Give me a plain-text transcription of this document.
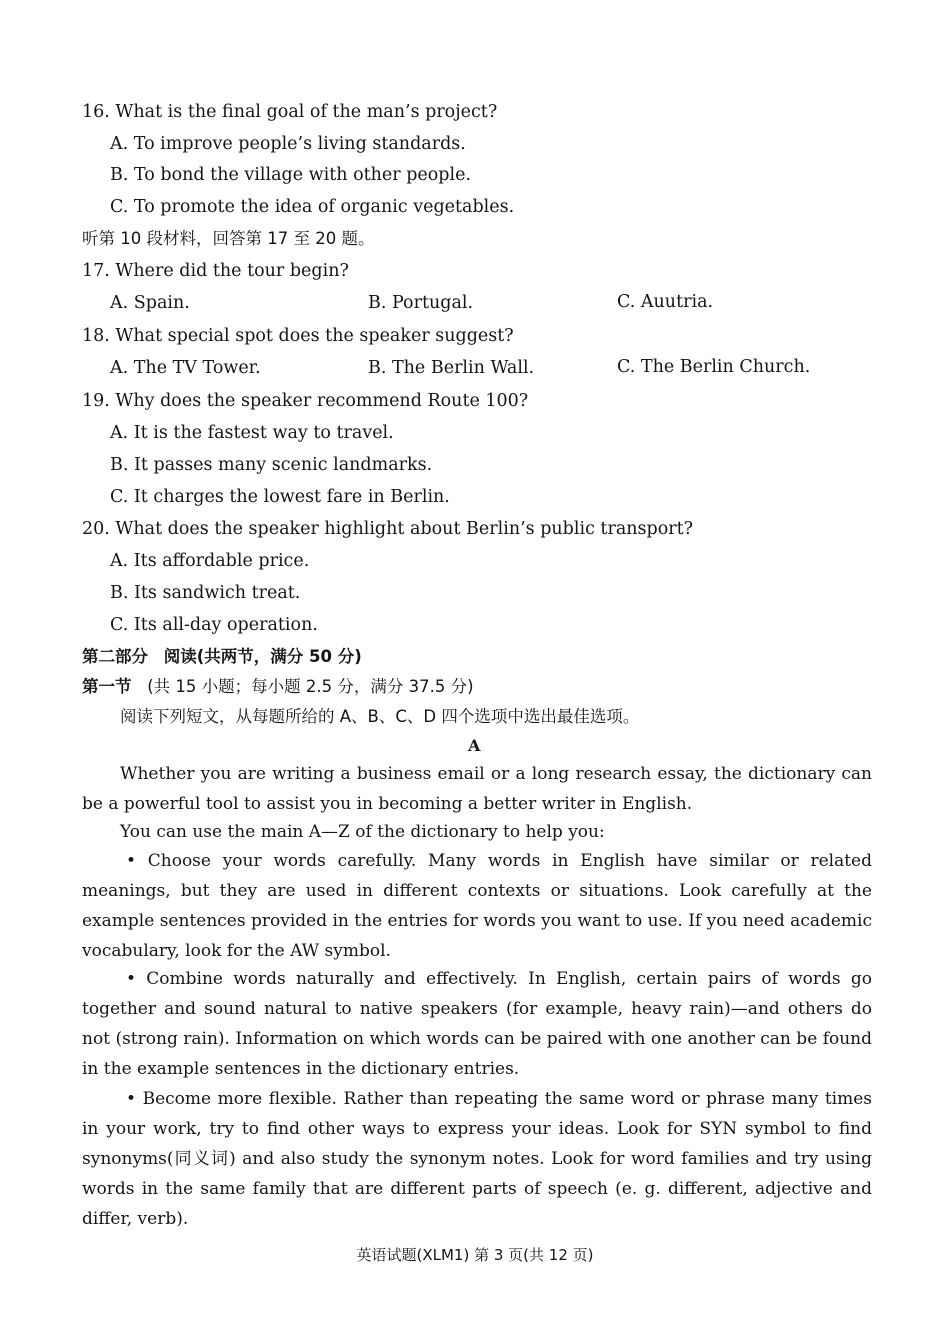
16. What is the final goal of the man’s project?
A. To improve people’s living standards.
B. To bond the village with other people.
C. To promote the idea of organic vegetables.
听第 10 段材料，回答第 17 至 20 题。
17. Where did the tour begin?
A. Spain.	B. Portugal.	C. Auutria.
18. What special spot does the speaker suggest?
A. The TV Tower.	B. The Berlin Wall.	C. The Berlin Church.
19. Why does the speaker recommend Route 100?
A. It is the fastest way to travel.
B. It passes many scenic landmarks.
C. It charges the lowest fare in Berlin.
20. What does the speaker highlight about Berlin’s public transport?
A. Its affordable price.
B. Its sandwich treat.
C. Its all-day operation.
第二部分 阅读(共两节，满分 50 分)
第一节 (共 15 小题；每小题 2.5 分，满分 37.5 分)
阅读下列短文，从每题所给的 A、B、C、D 四个选项中选出最佳选项。
A
Whether you are writing a business email or a long research essay, the dictionary can be a powerful tool to assist you in becoming a better writer in English.
You can use the main A—Z of the dictionary to help you:
• Choose your words carefully. Many words in English have similar or related meanings, but they are used in different contexts or situations. Look carefully at the example sentences provided in the entries for words you want to use. If you need academic vocabulary, look for the AW symbol.
• Combine words naturally and effectively. In English, certain pairs of words go together and sound natural to native speakers (for example, heavy rain)—and others do not (strong rain). Information on which words can be paired with one another can be found in the example sentences in the dictionary entries.
• Become more flexible. Rather than repeating the same word or phrase many times in your work, try to find other ways to express your ideas. Look for SYN symbol to find synonyms(同义词) and also study the synonym notes. Look for word families and try using words in the same family that are different parts of speech (e. g. different, adjective and differ, verb).
英语试题(XLM1) 第 3 页(共 12 页)
